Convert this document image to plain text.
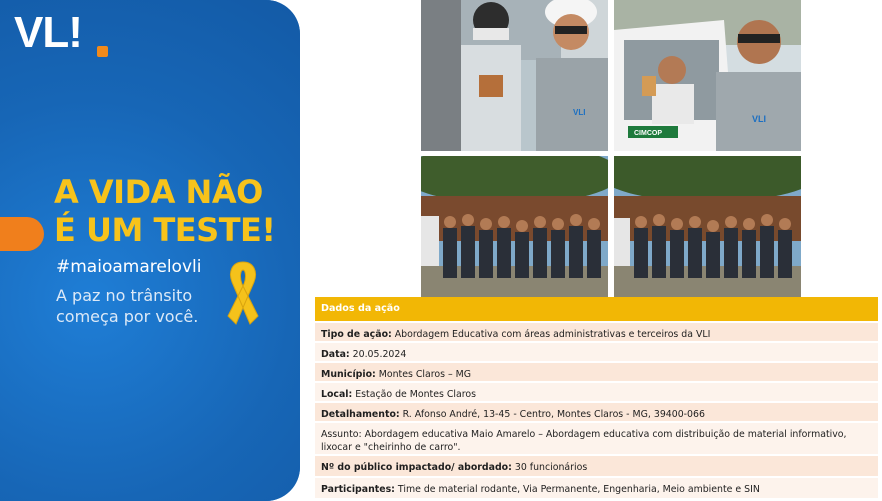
VL!
A VIDA NÃO
É UM TESTE!
#maioamarelovli
A paz no trânsito
começa por você.
VLI
CIMCOP
VLI
Dados da ação
Tipo de ação: Abordagem Educativa com áreas administrativas e terceiros da VLI
Data: 20.05.2024
Município: Montes Claros – MG
Local: Estação de Montes Claros
Detalhamento: R. Afonso André, 13-45 - Centro, Montes Claros - MG, 39400-066
Assunto: Abordagem educativa Maio Amarelo – Abordagem educativa com distribuição de material informativo, lixocar e "cheirinho de carro".
Nº do público impactado/ abordado: 30 funcionários
Participantes: Time de material rodante, Via Permanente, Engenharia, Meio ambiente e SIN
